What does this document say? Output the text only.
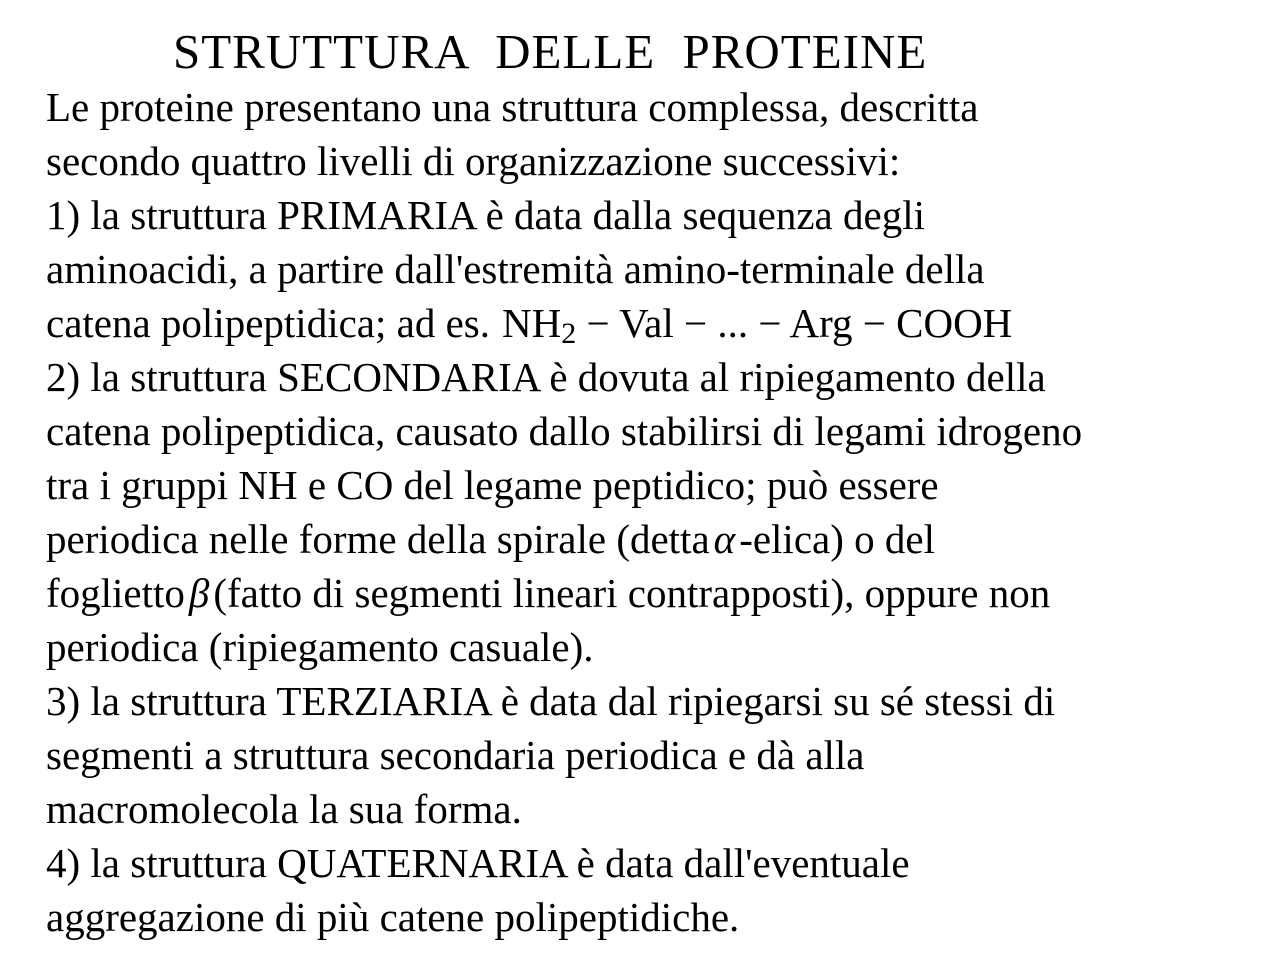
STRUTTURA DELLE PROTEINE
Le proteine presentano una struttura complessa, descritta
secondo quattro livelli di organizzazione successivi:
1) la struttura PRIMARIA è data dalla sequenza degli
aminoacidi, a partire dall'estremità amino-terminale della
catena polipeptidica; ad es. $NH_2$ − Val − ... − Arg − COOH
2) la struttura SECONDARIA è dovuta al ripiegamento della
catena polipeptidica, causato dallo stabilirsi di legami idrogeno
tra i gruppi NH e CO del legame peptidico; può essere
periodica nelle forme della spirale (dettaα-elica) o del
fogliettoβ(fatto di segmenti lineari contrapposti), oppure non
periodica (ripiegamento casuale).
3) la struttura TERZIARIA è data dal ripiegarsi su sé stessi di
segmenti a struttura secondaria periodica e dà alla
macromolecola la sua forma.
4) la struttura QUATERNARIA è data dall'eventuale
aggregazione di più catene polipeptidiche.
